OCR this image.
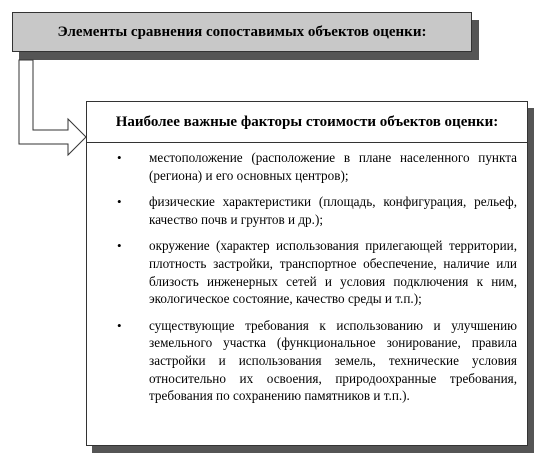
Элементы сравнения сопоставимых объектов оценки:
Наиболее важные факторы стоимости объектов оценки:
• местоположение (расположение в плане населенного пункта (региона) и его основных центров);
• физические характеристики (площадь, конфигурация, рельеф, качество почв и грунтов и др.);
• окружение (характер использования прилегающей территории, плотность застройки, транспортное обеспечение, наличие или близость инженерных сетей и условия подключения к ним, экологическое состояние, качество среды и т.п.);
• существующие требования к использованию и улучшению земельного участка (функциональное зонирование, правила застройки и использования земель, технические условия относительно их освоения, природоохранные требования, требования по сохранению памятников и т.п.).
